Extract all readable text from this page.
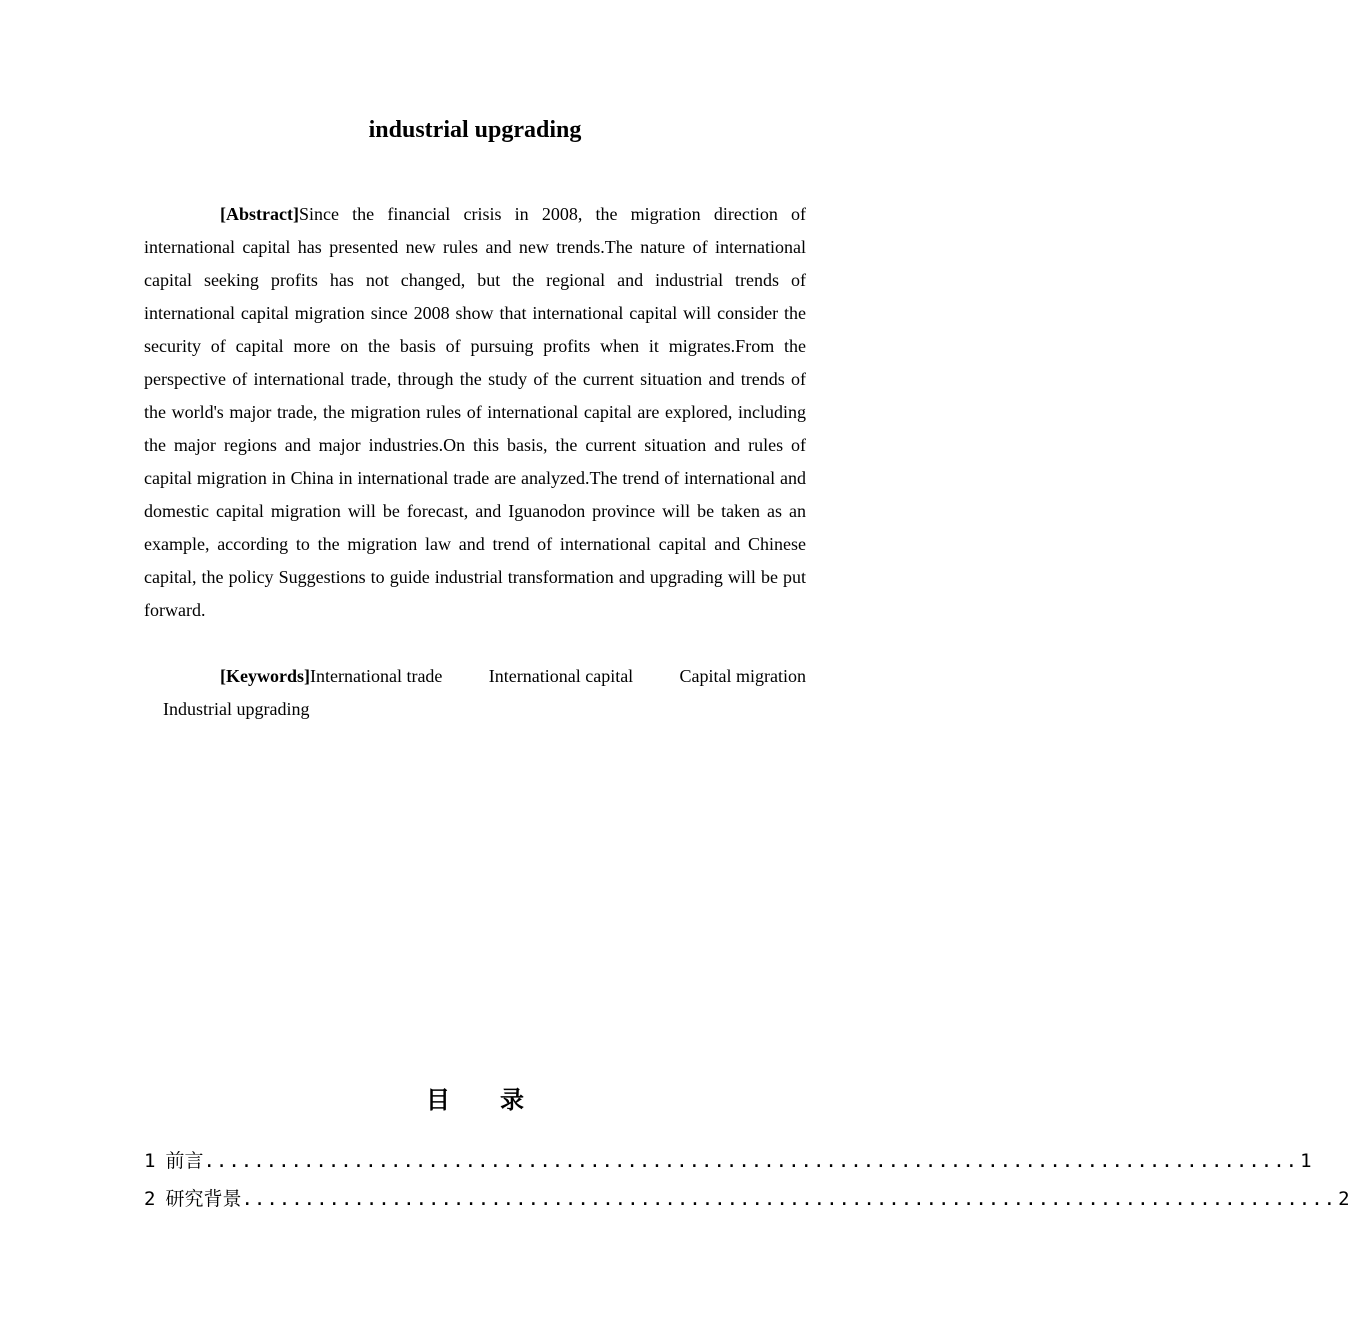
industrial upgrading
[Abstract]Since the financial crisis in 2008, the migration direction of international capital has presented new rules and new trends.The nature of international capital seeking profits has not changed, but the regional and industrial trends of international capital migration since 2008 show that international capital will consider the security of capital more on the basis of pursuing profits when it migrates.From the perspective of international trade, through the study of the current situation and trends of the world's major trade, the migration rules of international capital are explored, including the major regions and major industries.On this basis, the current situation and rules of capital migration in China in international trade are analyzed.The trend of international and domestic capital migration will be forecast, and Iguanodon province will be taken as an example, according to the migration law and trend of international capital and Chinese capital, the policy Suggestions to guide industrial transformation and upgrading will be put forward.
[Keywords]International trade	International capital	Capital migration
Industrial upgrading
目 录
1 前言 ........................................................................................ 1
2 研究背景 ........................................................................................ 2
